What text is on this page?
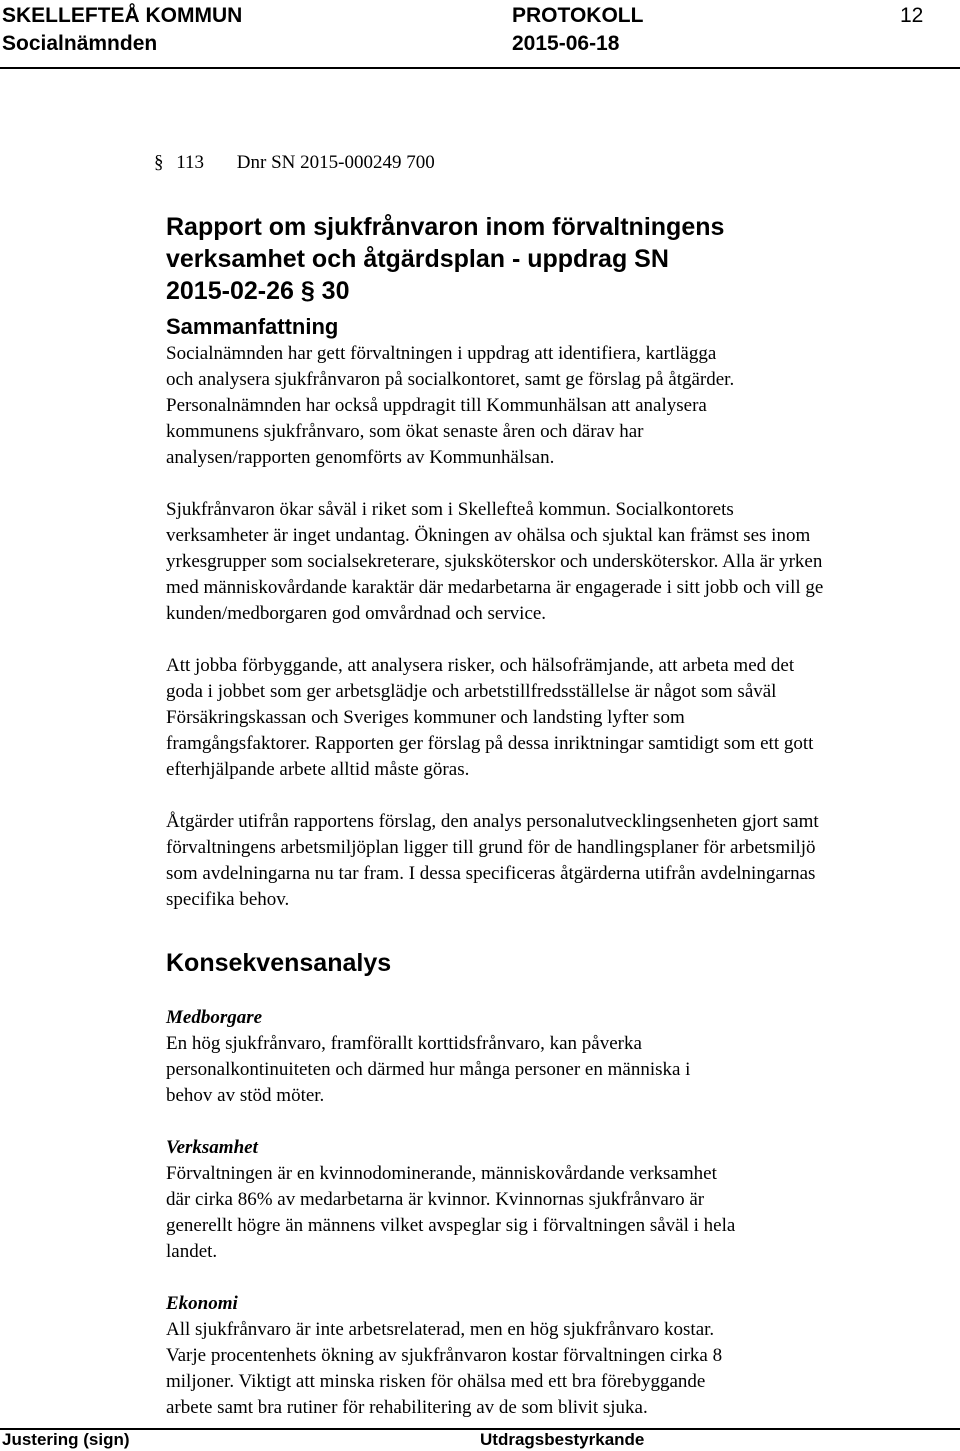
SKELLEFTEÅ KOMMUN	PROTOKOLL	12
Socialnämnden	2015-06-18

§ 113 Dnr SN 2015-000249 700

Rapport om sjukfrånvaron inom förvaltningens

verksamhet och åtgärdsplan - uppdrag SN

2015-02-26 § 30

Sammanfattning

Socialnämnden har gett förvaltningen i uppdrag att identifiera, kartlägga

och analysera sjukfrånvaron på socialkontoret, samt ge förslag på åtgärder.

Personalnämnden har också uppdragit till Kommunhälsan att analysera

kommunens sjukfrånvaro, som ökat senaste åren och därav har

analysen/rapporten genomförts av Kommunhälsan.

Sjukfrånvaron ökar såväl i riket som i Skellefteå kommun. Socialkontorets

verksamheter är inget undantag. Ökningen av ohälsa och sjuktal kan främst ses inom

yrkesgrupper som socialsekreterare, sjuksköterskor och undersköterskor. Alla är yrken

med människovårdande karaktär där medarbetarna är engagerade i sitt jobb och vill ge

kunden/medborgaren god omvårdnad och service.

Att jobba förbyggande, att analysera risker, och hälsofrämjande, att arbeta med det

goda i jobbet som ger arbetsglädje och arbetstillfredsställelse är något som såväl

Försäkringskassan och Sveriges kommuner och landsting lyfter som

framgångsfaktorer. Rapporten ger förslag på dessa inriktningar samtidigt som ett gott

efterhjälpande arbete alltid måste göras.

Åtgärder utifrån rapportens förslag, den analys personalutvecklingsenheten gjort samt

förvaltningens arbetsmiljöplan ligger till grund för de handlingsplaner för arbetsmiljö

som avdelningarna nu tar fram. I dessa specificeras åtgärderna utifrån avdelningarnas

specifika behov.

Konsekvensanalys

Medborgare

En hög sjukfrånvaro, framförallt korttidsfrånvaro, kan påverka

personalkontinuiteten och därmed hur många personer en människa i

behov av stöd möter.

Verksamhet

Förvaltningen är en kvinnodominerande, människovårdande verksamhet

där cirka 86% av medarbetarna är kvinnor. Kvinnornas sjukfrånvaro är

generellt högre än männens vilket avspeglar sig i förvaltningen såväl i hela

landet.

Ekonomi

All sjukfrånvaro är inte arbetsrelaterad, men en hög sjukfrånvaro kostar.

Varje procentenhets ökning av sjukfrånvaron kostar förvaltningen cirka 8

miljoner. Viktigt att minska risken för ohälsa med ett bra förebyggande

arbete samt bra rutiner för rehabilitering av de som blivit sjuka.

Justering (sign)	Utdragsbestyrkande
